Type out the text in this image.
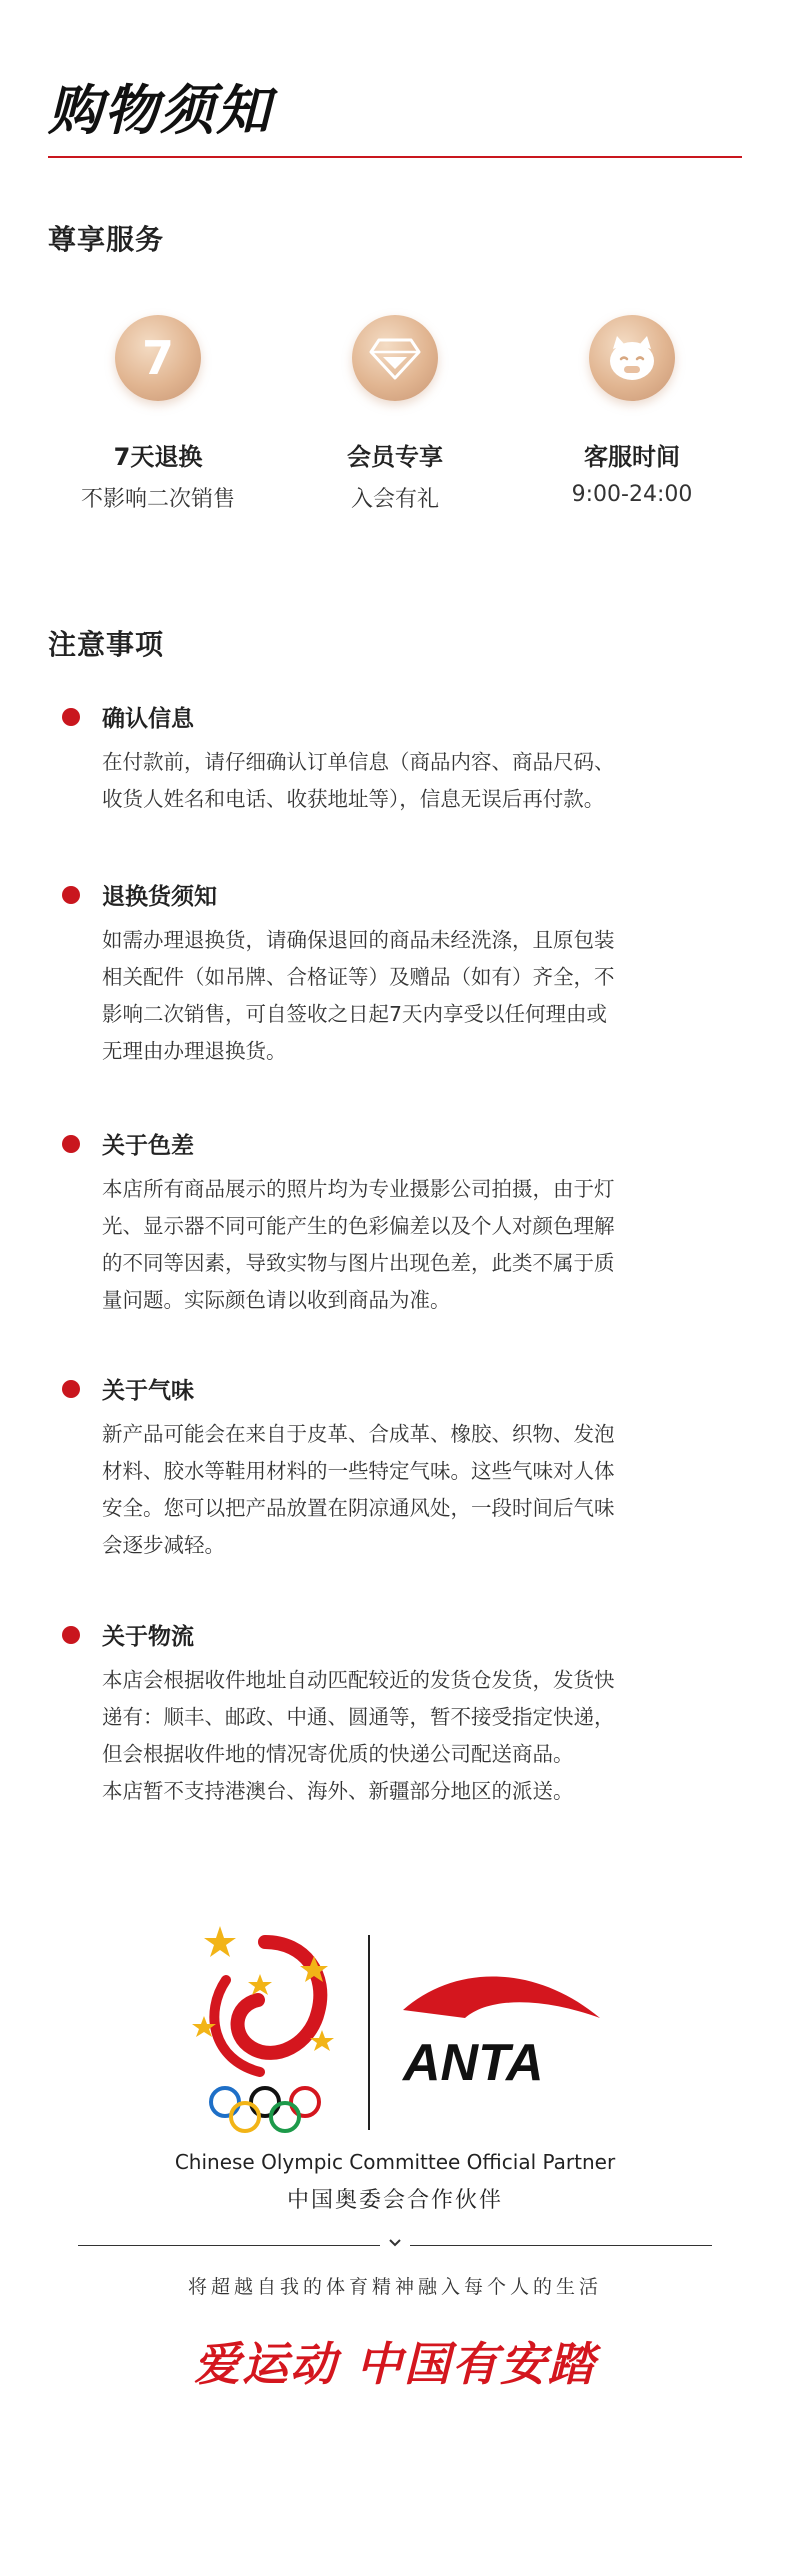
购物须知
尊享服务
7
7天退换
不影响二次销售
会员专享
入会有礼
客服时间
9:00-24:00
注意事项
确认信息

在付款前，请仔细确认订单信息（商品内容、商品尺码、

收货人姓名和电话、收获地址等），信息无误后再付款。

退换货须知

如需办理退换货，请确保退回的商品未经洗涤，且原包装

相关配件（如吊牌、合格证等）及赠品（如有）齐全，不

影响二次销售，可自签收之日起7天内享受以任何理由或

无理由办理退换货。

关于色差

本店所有商品展示的照片均为专业摄影公司拍摄，由于灯

光、显示器不同可能产生的色彩偏差以及个人对颜色理解

的不同等因素，导致实物与图片出现色差，此类不属于质

量问题。实际颜色请以收到商品为准。

关于气味

新产品可能会在来自于皮革、合成革、橡胶、织物、发泡

材料、胶水等鞋用材料的一些特定气味。这些气味对人体

安全。您可以把产品放置在阴凉通风处，一段时间后气味

会逐步减轻。

关于物流

本店会根据收件地址自动匹配较近的发货仓发货，发货快

递有：顺丰、邮政、中通、圆通等，暂不接受指定快递，

但会根据收件地的情况寄优质的快递公司配送商品。

本店暂不支持港澳台、海外、新疆部分地区的派送。

ANTA
Chinese Olympic Committee Official Partner
中国奥委会合作伙伴
将超越自我的体育精神融入每个人的生活
爱运动 中国有安踏
